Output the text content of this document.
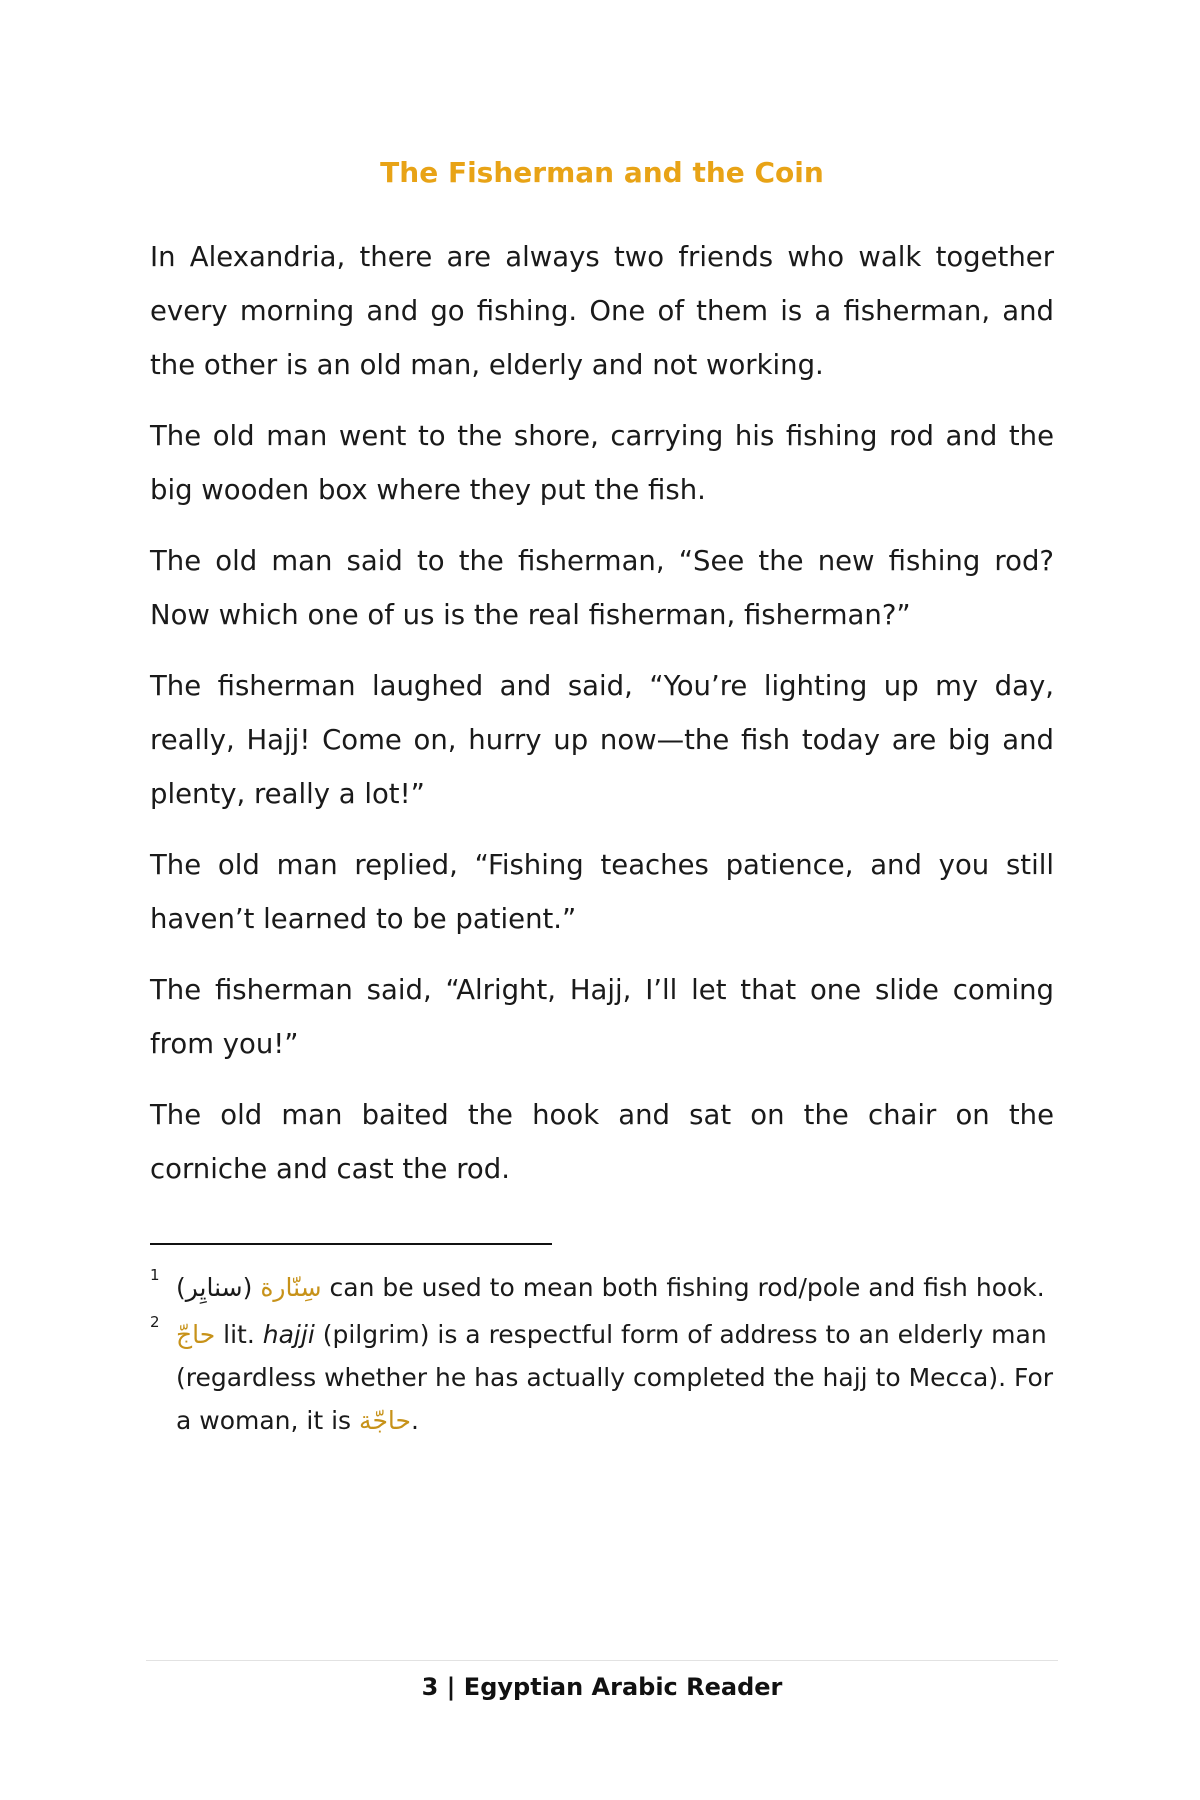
The Fisherman and the Coin

In Alexandria, there are always two friends who walk together every morning and go fishing. One of them is a fisherman, and the other is an old man, elderly and not working.

The old man went to the shore, carrying his fishing rod and the big wooden box where they put the fish.

The old man said to the fisherman, “See the new fishing rod? Now which one of us is the real fisherman, fisherman?”

The fisherman laughed and said, “You’re lighting up my day, really, Hajj! Come on, hurry up now—the fish today are big and plenty, really a lot!”

The old man replied, “Fishing teaches patience, and you still haven’t learned to be patient.”

The fisherman said, “Alright, Hajj, I’ll let that one slide coming from you!”

The old man baited the hook and sat on the chair on the corniche and cast the rod.

1 (سنايِر) سِنّارة can be used to mean both fishing rod/pole and fish hook.
2 حاجّ lit. hajji (pilgrim) is a respectful form of address to an elderly man (regardless whether he has actually completed the hajj to Mecca). For a woman, it is حاجّة.
3 | Egyptian Arabic Reader
